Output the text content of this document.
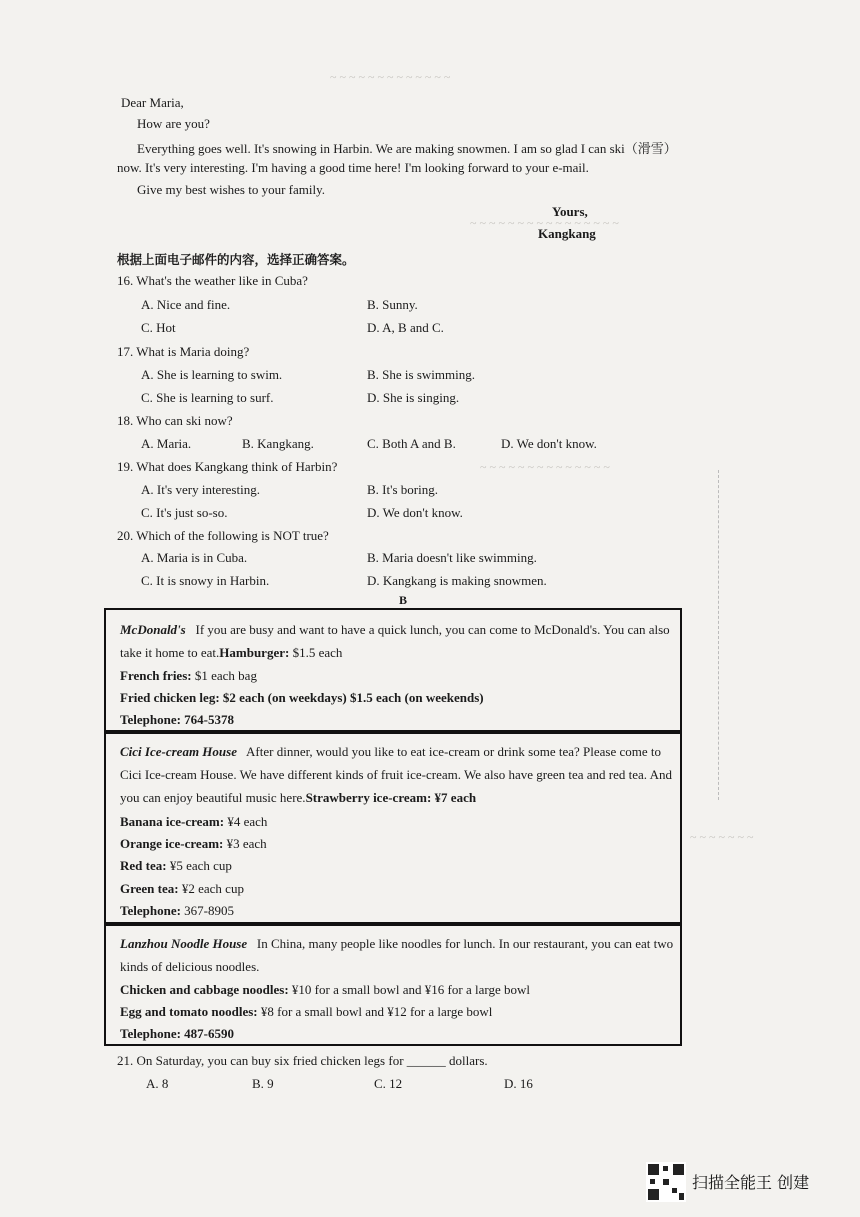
~ ~ ~ ~ ~ ~ ~ ~ ~ ~ ~ ~ ~
~ ~ ~ ~ ~ ~ ~ ~ ~ ~ ~ ~ ~ ~ ~ ~
~ ~ ~ ~ ~ ~ ~ ~ ~ ~ ~ ~ ~ ~
~ ~ ~ ~ ~ ~ ~
Dear Maria,
How are you?
Everything goes well. It's snowing in Harbin. We are making snowmen. I am so glad I can ski（滑雪）
now. It's very interesting. I'm having a good time here! I'm looking forward to your e-mail.
Give my best wishes to your family.
Yours,
Kangkang
根据上面电子邮件的内容，选择正确答案。
16. What's the weather like in Cuba?
A. Nice and fine.	B. Sunny.
C. Hot	D. A, B and C.
17. What is Maria doing?
A. She is learning to swim.	B. She is swimming.
C. She is learning to surf.	D. She is singing.
18. Who can ski now?
A. Maria.	B. Kangkang.	C. Both A and B.	D. We don't know.
19. What does Kangkang think of Harbin?
A. It's very interesting.	B. It's boring.
C. It's just so-so.	D. We don't know.
20. Which of the following is NOT true?
A. Maria is in Cuba.	B. Maria doesn't like swimming.
C. It is snowy in Harbin.	D. Kangkang is making snowmen.
B
McDonald's If you are busy and want to have a quick lunch, you can come to McDonald's. You can also
take it home to eat.Hamburger: $1.5 each
French fries: $1 each bag
Fried chicken leg: $2 each (on weekdays) $1.5 each (on weekends)
Telephone: 764-5378
Cici Ice-cream House After dinner, would you like to eat ice-cream or drink some tea? Please come to
Cici Ice-cream House. We have different kinds of fruit ice-cream. We also have green tea and red tea. And
you can enjoy beautiful music here.Strawberry ice-cream: ¥7 each
Banana ice-cream: ¥4 each
Orange ice-cream: ¥3 each
Red tea: ¥5 each cup
Green tea: ¥2 each cup
Telephone: 367-8905
Lanzhou Noodle House In China, many people like noodles for lunch. In our restaurant, you can eat two
kinds of delicious noodles.
Chicken and cabbage noodles: ¥10 for a small bowl and ¥16 for a large bowl
Egg and tomato noodles: ¥8 for a small bowl and ¥12 for a large bowl
Telephone: 487-6590
21. On Saturday, you can buy six fried chicken legs for ______ dollars.
A. 8	B. 9	C. 12	D. 16
扫描全能王 创建
